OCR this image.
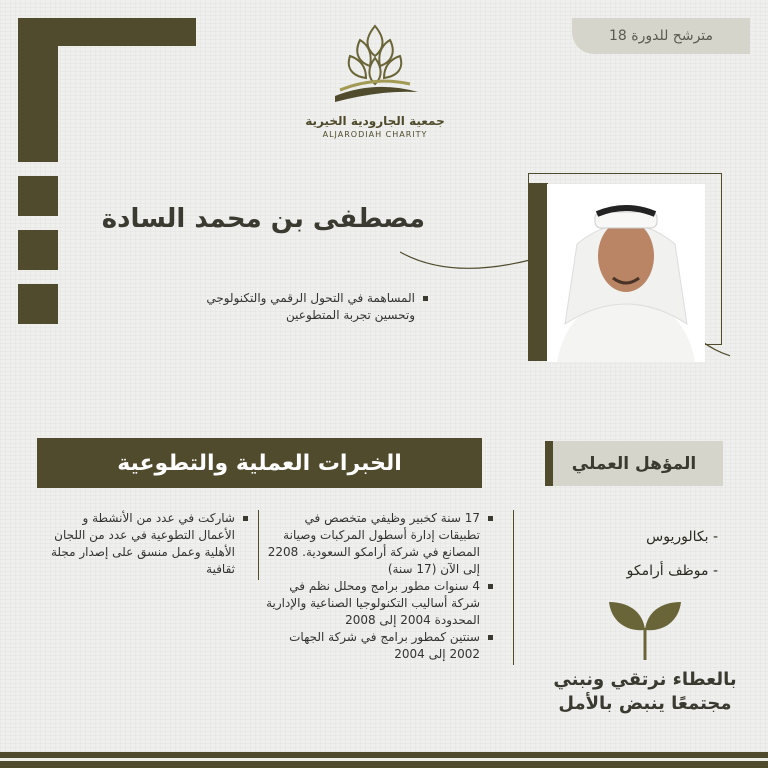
مترشح للدورة 18
جمعية الجارودية الخيرية
ALJARODIAH CHARITY
مصطفى بن محمد السادة
المساهمة في التحول الرقمي والتكنولوجي وتحسين تجربة المتطوعين
الخبرات العملية والتطوعية	المؤهل العملي
17 سنة كخبير وظيفي متخصص في تطبيقات إدارة أسطول المركبات وصيانة المصانع في شركة أرامكو السعودية. 2208 إلى الآن (17 سنة)
4 سنوات مطور برامج ومحلل نظم في شركة أساليب التكنولوجيا الصناعية والإدارية المحدودة 2004 إلى 2008
سنتين كمطور برامج في شركة الجهات 2002 إلى 2004
شاركت في عدد من الأنشطة و الأعمال التطوعية في عدد من اللجان الأهلية وعمل منسق على إصدار مجلة ثقافية
- بكالوريوس
- موظف أرامكو
بالعطاء نرتقي ونبني
مجتمعًا ينبض بالأمل
